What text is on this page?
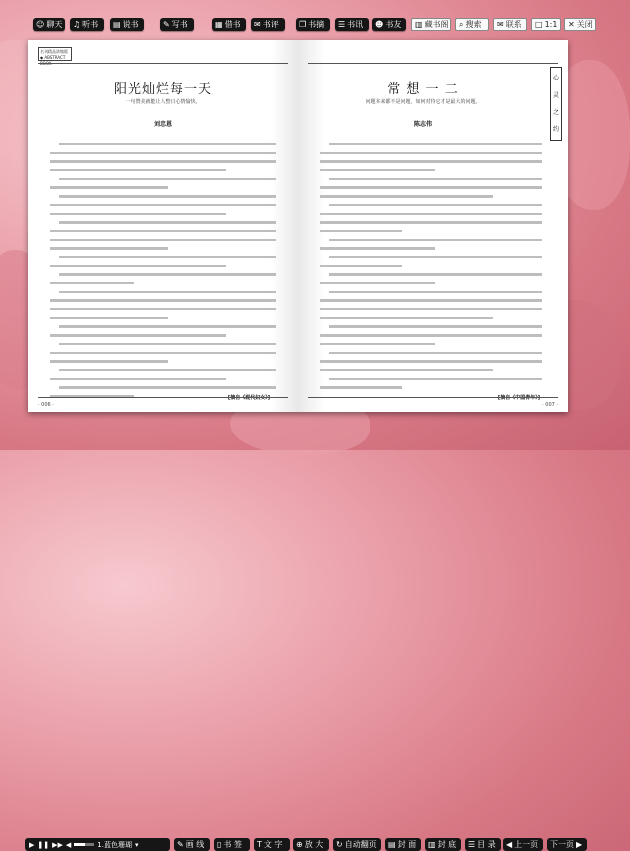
☺ 聊天 ♫ 听书 ▤ 说书	✎ 写书	▦ 借书 ✉ 书评	❐ 书摘 ☰ 书讯 ☻ 书友 ▥ 藏书阁 ⌕ 搜索 ✉ 联系 □ 1:1 ✕ 关闭
名刊精品浓缩版 ◆ ABSTRACT BOOK
阳光灿烂每一天
一句赞美就能让人整日心情愉快。
刘忠恩
[摘自《现代妇女》]
· 006 ·
心
灵
之
约
常 想 一 二
问题本来都不是问题，如何对待它才是最大的问题。
陈志伟
[摘自《中国青年》]
· 007 ·
▶ ❚❚ ▶▶ ◀	1.蓝色珊瑚 ▾	✎ 画 线 ▯ 书 签 T 文 字 ⊕ 放 大 ↻ 自动翻页 ▤ 封 面 ▥ 封 底 ☰ 目 录 ◀ 上一页 下一页 ▶
